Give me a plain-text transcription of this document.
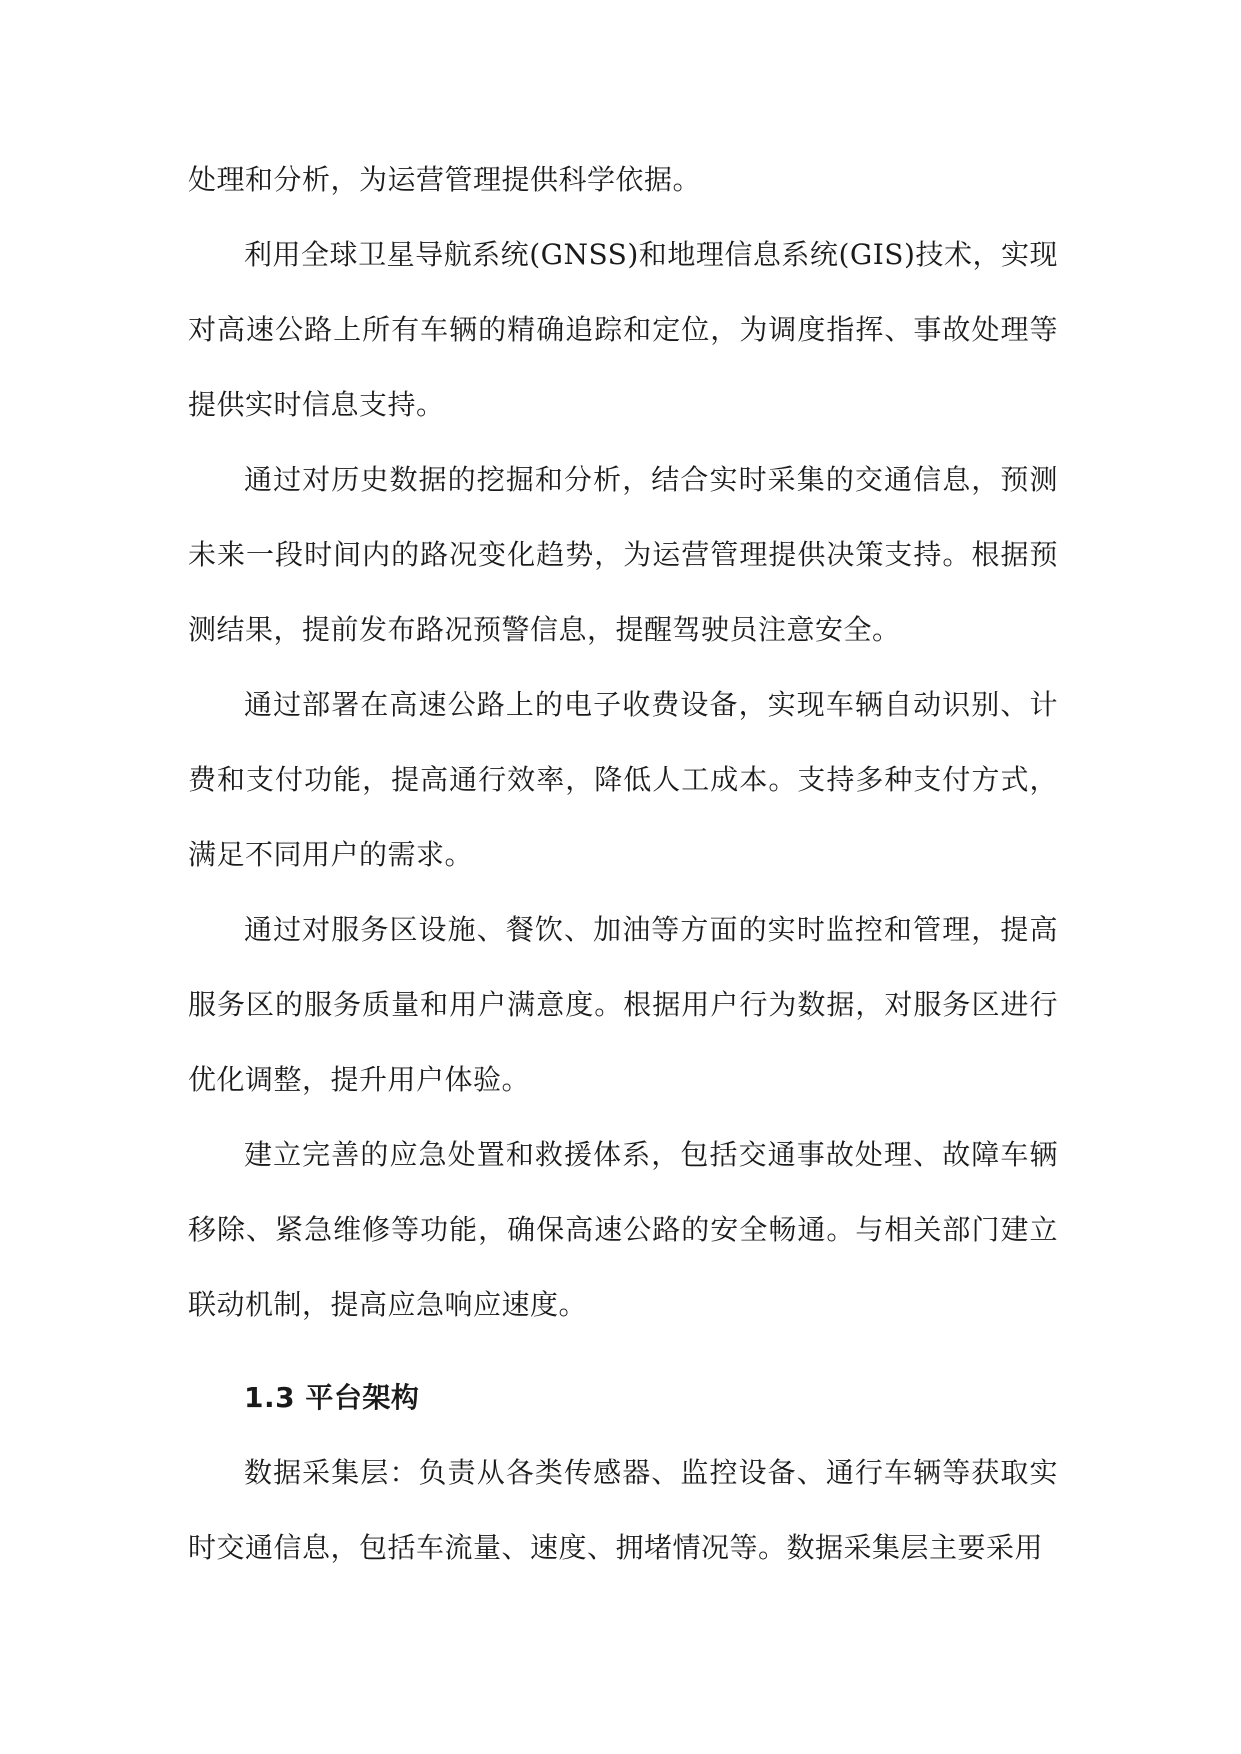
处理和分析，为运营管理提供科学依据。

利用全球卫星导航系统(GNSS)和地理信息系统(GIS)技术，实现对高速公路上所有车辆的精确追踪和定位，为调度指挥、事故处理等提供实时信息支持。

通过对历史数据的挖掘和分析，结合实时采集的交通信息，预测未来一段时间内的路况变化趋势，为运营管理提供决策支持。根据预测结果，提前发布路况预警信息，提醒驾驶员注意安全。

通过部署在高速公路上的电子收费设备，实现车辆自动识别、计费和支付功能，提高通行效率，降低人工成本。支持多种支付方式，满足不同用户的需求。

通过对服务区设施、餐饮、加油等方面的实时监控和管理，提高服务区的服务质量和用户满意度。根据用户行为数据，对服务区进行优化调整，提升用户体验。

建立完善的应急处置和救援体系，包括交通事故处理、故障车辆移除、紧急维修等功能，确保高速公路的安全畅通。与相关部门建立联动机制，提高应急响应速度。

1.3 平台架构

数据采集层：负责从各类传感器、监控设备、通行车辆等获取实时交通信息，包括车流量、速度、拥堵情况等。数据采集层主要采用
